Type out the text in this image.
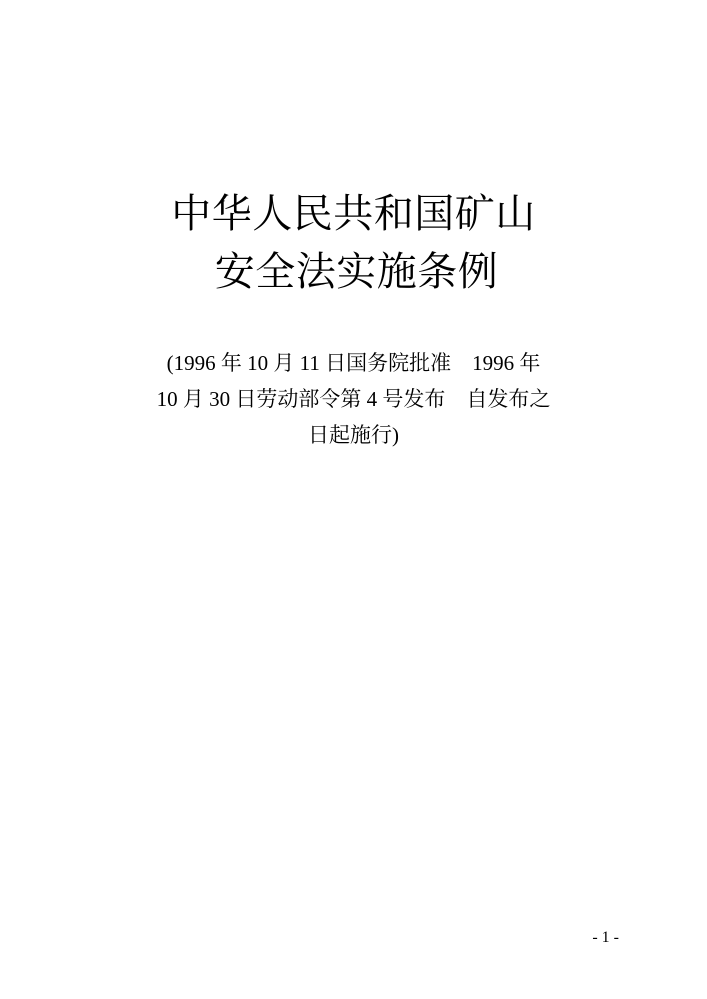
中华人民共和国矿山
安全法实施条例
(1996 年 10 月 11 日国务院批准　1996 年
10 月 30 日劳动部令第 4 号发布　自发布之
日起施行)
- 1 -
